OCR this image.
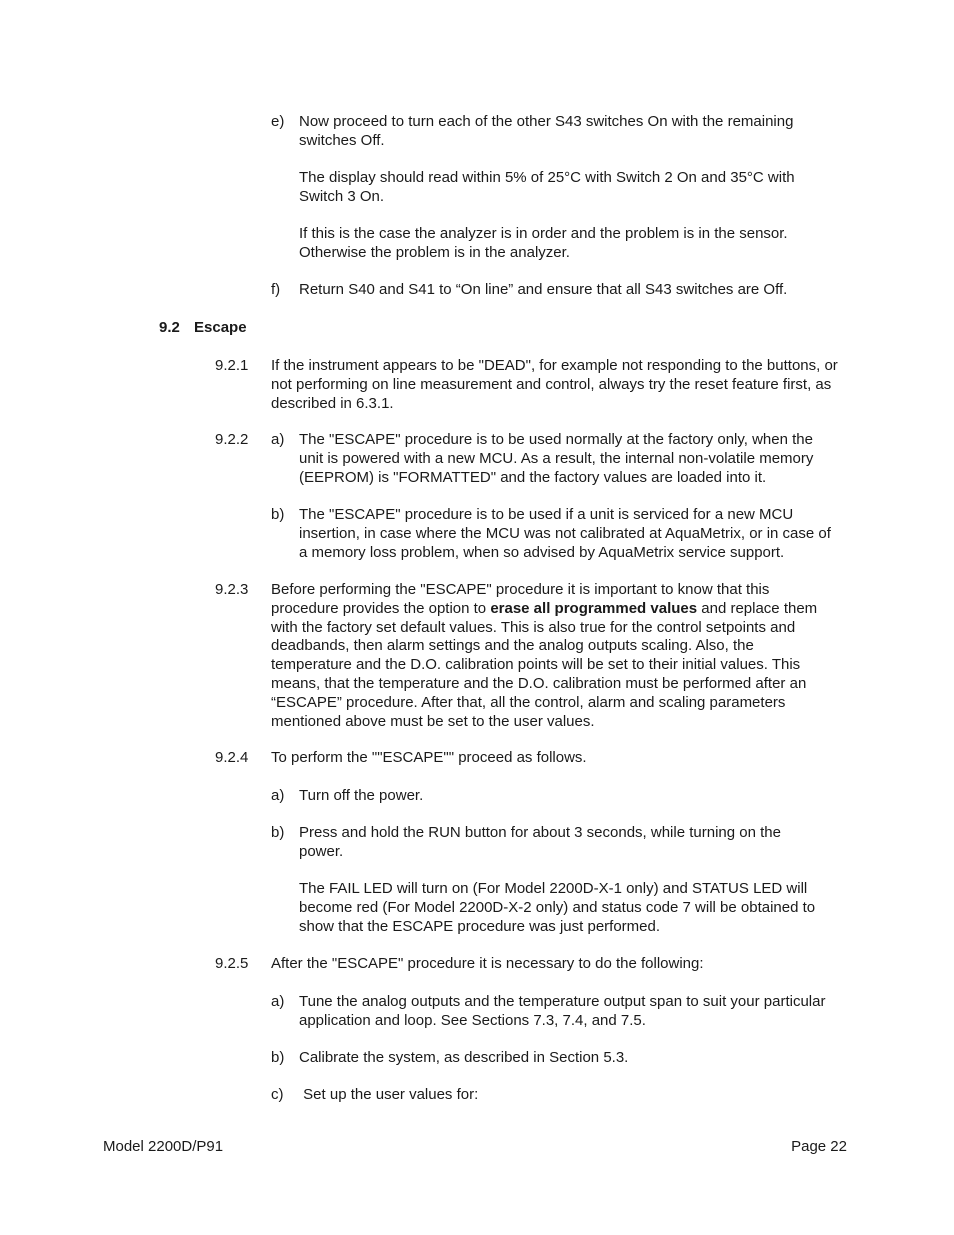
e) Now proceed to turn each of the other S43 switches On with the remaining switches Off.

The display should read within 5% of 25°C with Switch 2 On and 35°C with Switch 3 On.

If this is the case the analyzer is in order and the problem is in the sensor. Otherwise the problem is in the analyzer.

f) Return S40 and S41 to “On line” and ensure that all S43 switches are Off.

9.2 Escape

9.2.1 If the instrument appears to be "DEAD", for example not responding to the buttons, or not performing on line measurement and control, always try the reset feature first, as described in 6.3.1.

9.2.2 a) The "ESCAPE" procedure is to be used normally at the factory only, when the unit is powered with a new MCU. As a result, the internal non-volatile memory (EEPROM) is "FORMATTED" and the factory values are loaded into it.

b) The "ESCAPE" procedure is to be used if a unit is serviced for a new MCU insertion, in case where the MCU was not calibrated at AquaMetrix, or in case of a memory loss problem, when so advised by AquaMetrix service support.

9.2.3 Before performing the "ESCAPE" procedure it is important to know that this procedure provides the option to erase all programmed values and replace them with the factory set default values. This is also true for the control setpoints and deadbands, then alarm settings and the analog outputs scaling. Also, the temperature and the D.O. calibration points will be set to their initial values. This means, that the temperature and the D.O. calibration must be performed after an “ESCAPE” procedure. After that, all the control, alarm and scaling parameters mentioned above must be set to the user values.

9.2.4 To perform the ""ESCAPE"" proceed as follows.

a) Turn off the power.

b) Press and hold the RUN button for about 3 seconds, while turning on the power.

The FAIL LED will turn on (For Model 2200D-X-1 only) and STATUS LED will become red (For Model 2200D-X-2 only) and status code 7 will be obtained to show that the ESCAPE procedure was just performed.

9.2.5 After the "ESCAPE" procedure it is necessary to do the following:

a) Tune the analog outputs and the temperature output span to suit your particular application and loop. See Sections 7.3, 7.4, and 7.5.

b) Calibrate the system, as described in Section 5.3.

c) Set up the user values for:

Model 2200D/P91	Page 22
